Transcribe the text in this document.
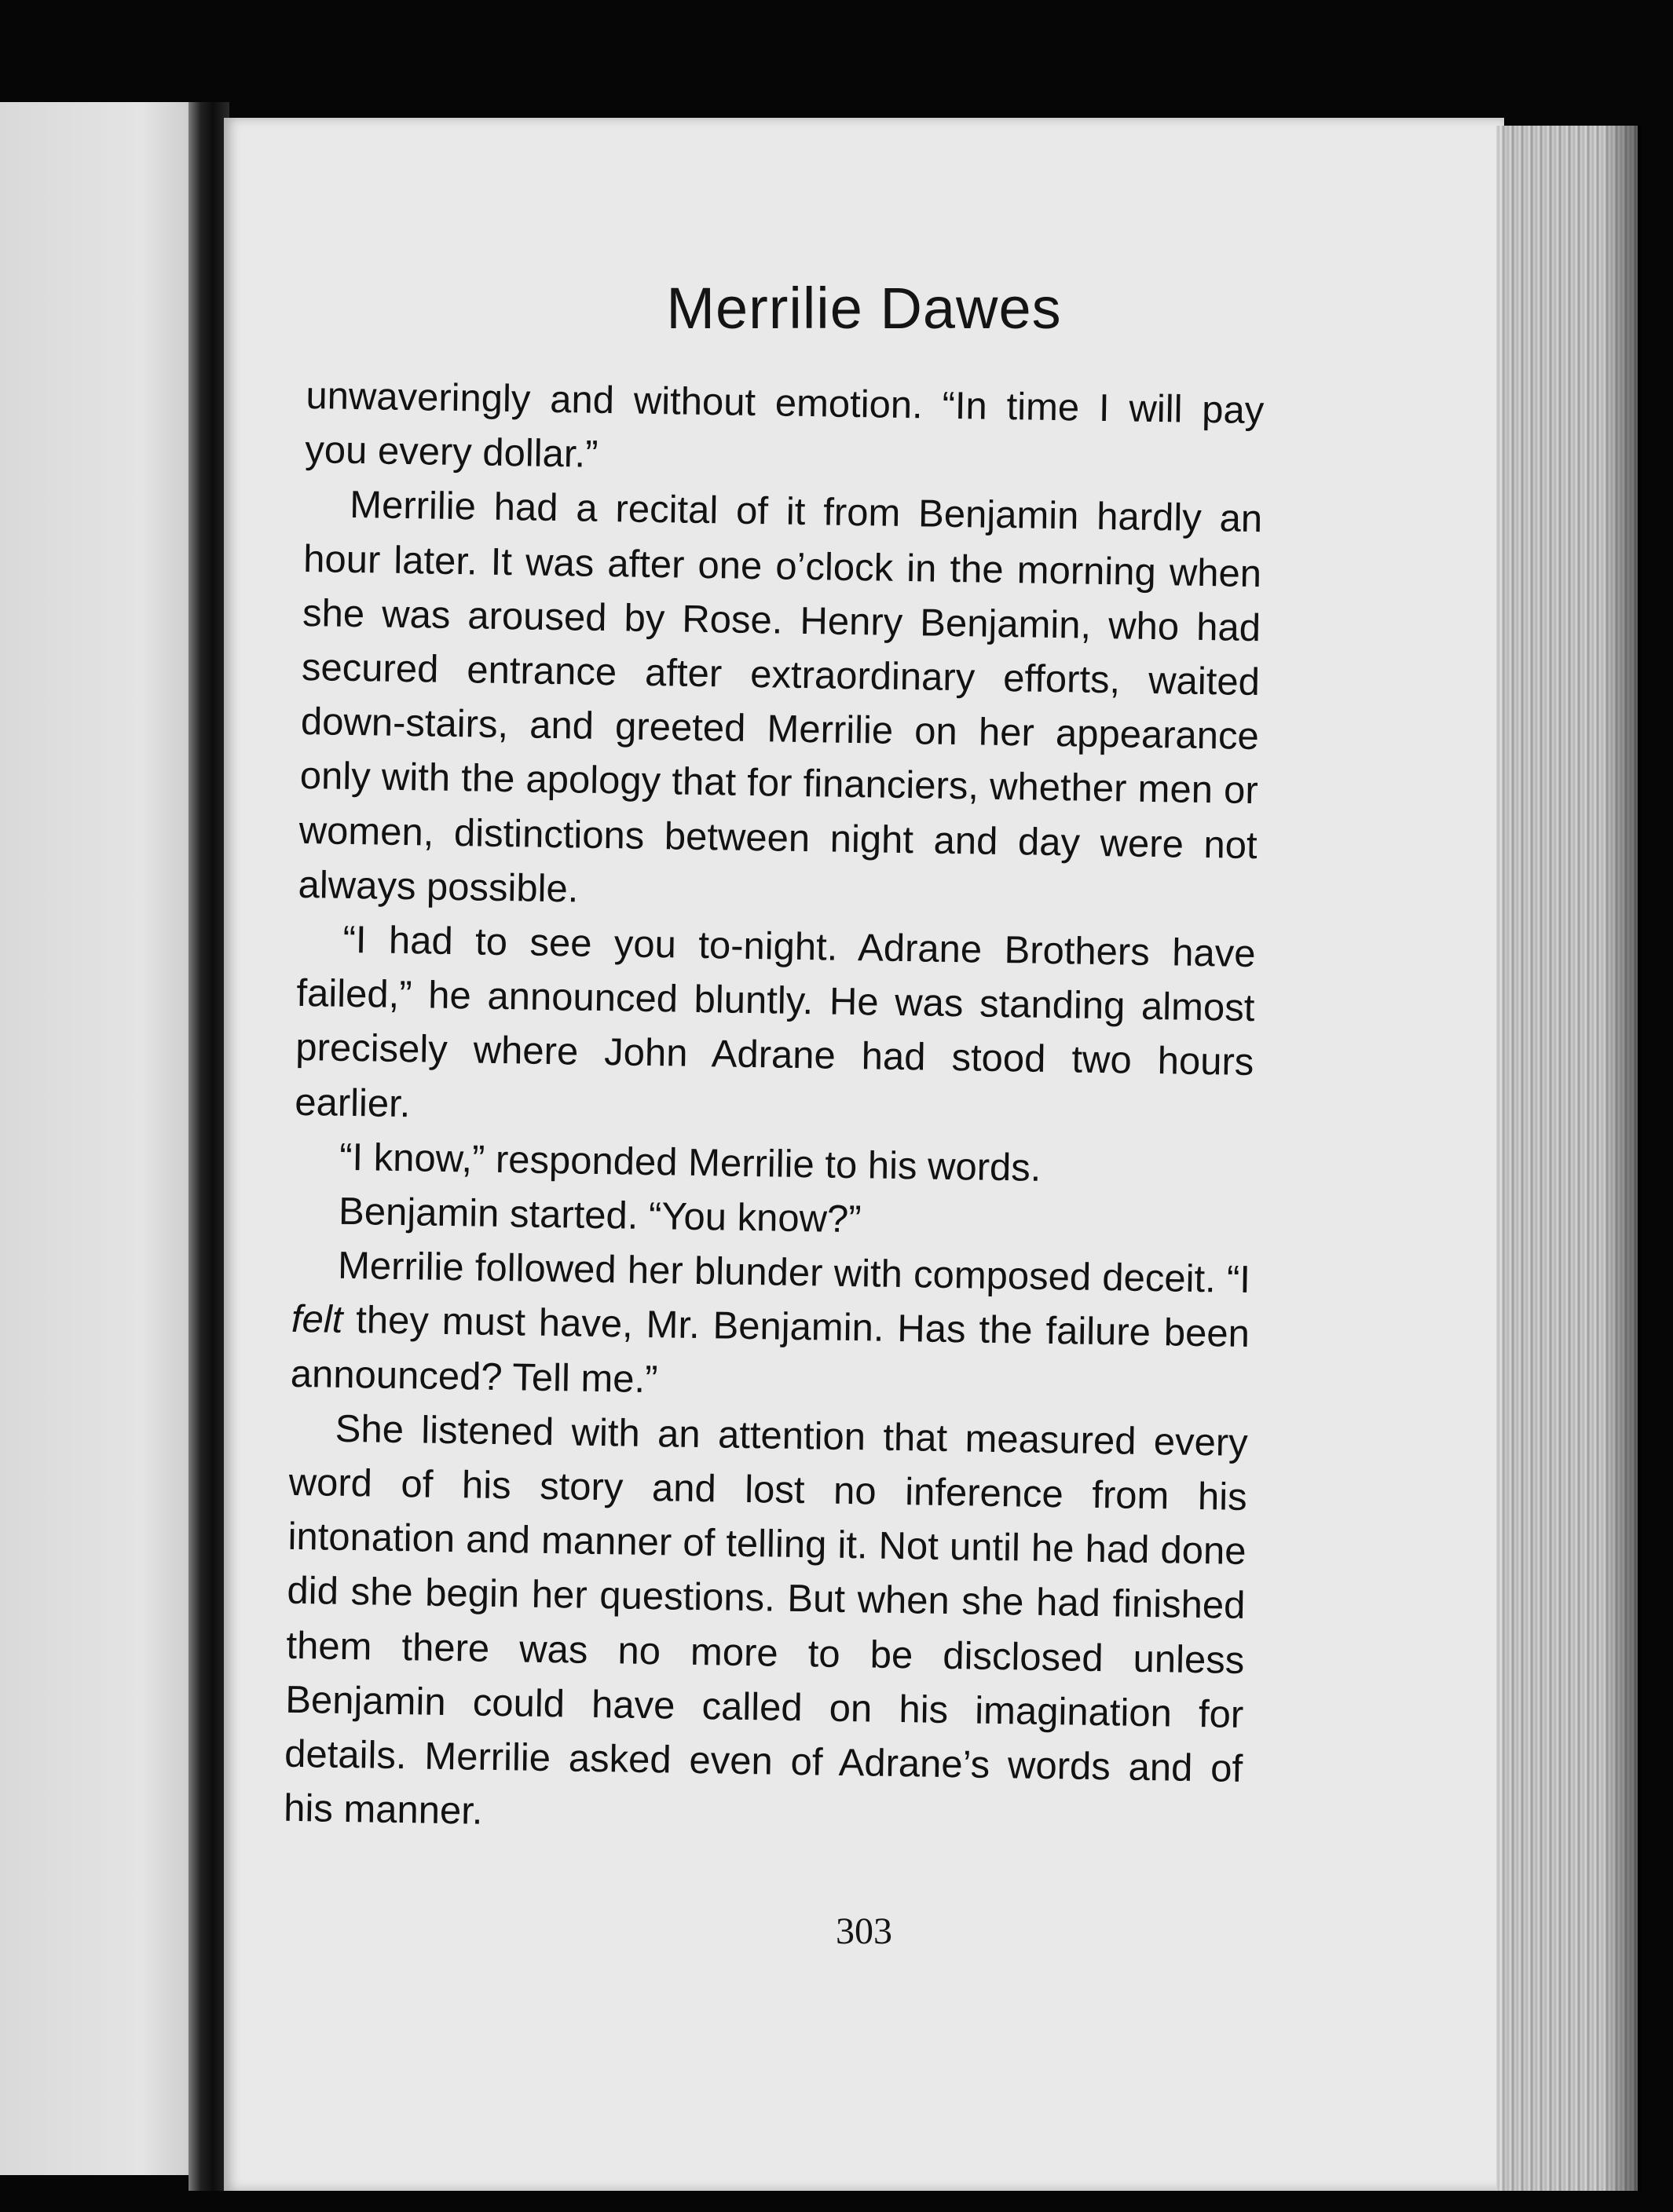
Merrilie Dawes

unwaveringly and without emotion. “In time I will pay you every dollar.”

Merrilie had a recital of it from Benjamin hardly an hour later. It was after one o’clock in the morning when she was aroused by Rose. Henry Benjamin, who had secured entrance after extraordinary efforts, waited down-stairs, and greeted Merrilie on her appearance only with the apology that for financiers, whether men or women, distinctions between night and day were not always possible.

“I had to see you to-night. Adrane Brothers have failed,” he announced bluntly. He was standing almost precisely where John Adrane had stood two hours earlier.

“I know,” responded Merrilie to his words.

Benjamin started. “You know?”

Merrilie followed her blunder with composed deceit. “I felt they must have, Mr. Benjamin. Has the failure been announced? Tell me.”

She listened with an attention that measured every word of his story and lost no inference from his intonation and manner of telling it. Not until he had done did she begin her questions. But when she had finished them there was no more to be disclosed unless Benjamin could have called on his imagination for details. Merrilie asked even of Adrane’s words and of his manner.

303
